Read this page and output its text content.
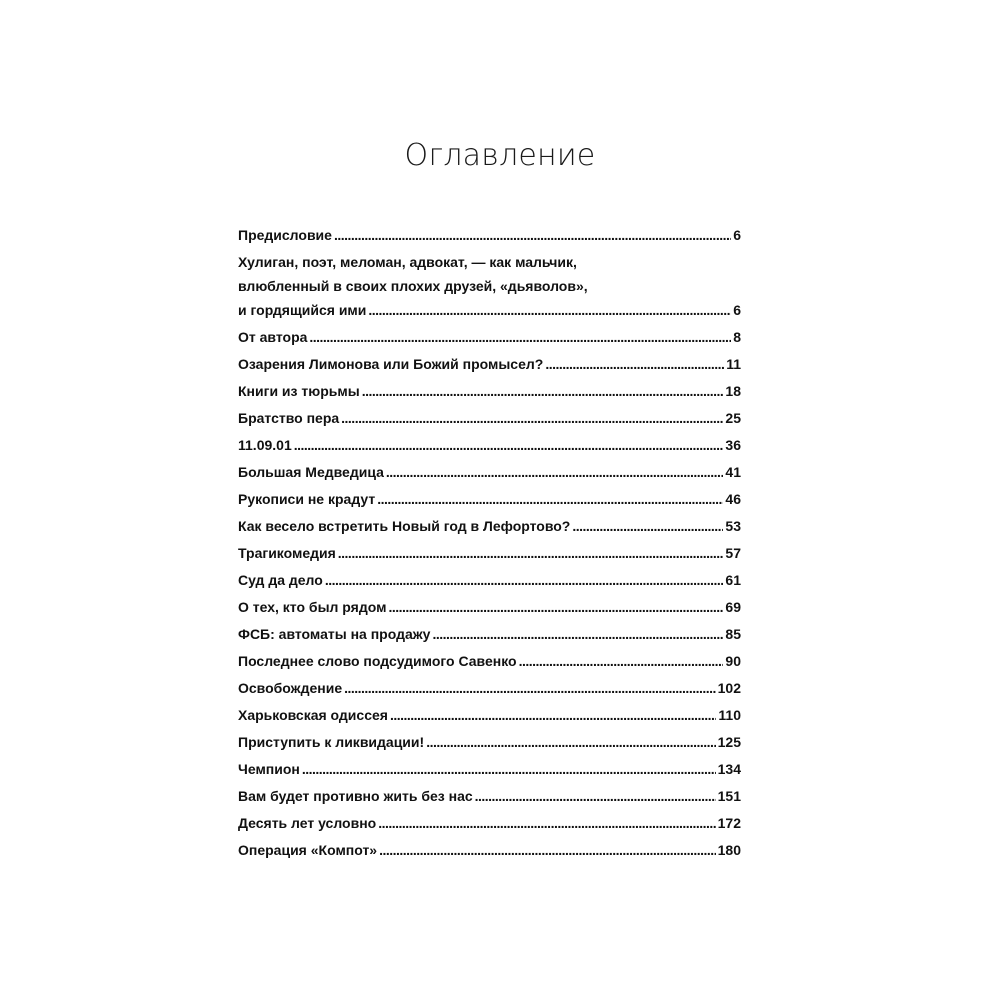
Оглавление
Предисловие . . .	6
Хулиган, поэт, меломан, адвокат, — как мальчик,
влюбленный в своих плохих друзей, «дьяволов»,
и гордящийся ими . . .	6
От автора . . .	8
Озарения Лимонова или Божий промысел? . . .	11
Книги из тюрьмы . . .	18
Братство пера . . .	25
11.09.01 . . .	36
Большая Медведица . . .	41
Рукописи не крадут . . .	46
Как весело встретить Новый год в Лефортово? . . .	53
Трагикомедия . . .	57
Суд да дело . . .	61
О тех, кто был рядом . . .	69
ФСБ: автоматы на продажу . . .	85
Последнее слово подсудимого Савенко . . .	90
Освобождение . . .	102
Харьковская одиссея . . .	110
Приступить к ликвидации! . . .	125
Чемпион . . .	134
Вам будет противно жить без нас . . .	151
Десять лет условно . . .	172
Операция «Компот» . . .	180
